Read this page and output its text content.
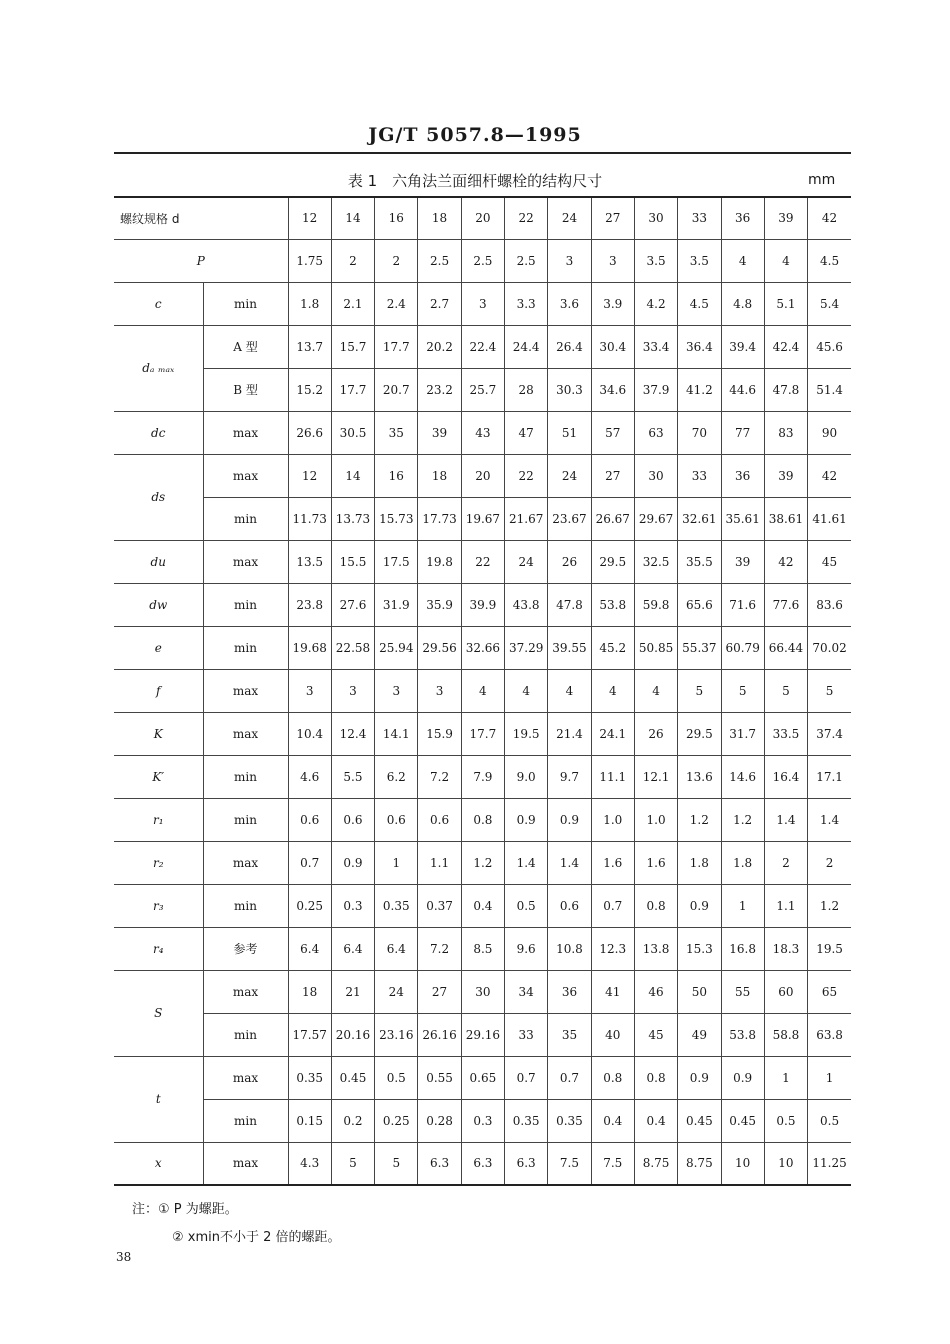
JG/T 5057.8—1995
表 1　六角法兰面细杆螺栓的结构尺寸	mm
螺纹规格 d		12	14	16	18	20	22	24	27	30	33	36	39	42
P		1.75	2	2	2.5	2.5	2.5	3	3	3.5	3.5	4	4	4.5
c	min	1.8	2.1	2.4	2.7	3	3.3	3.6	3.9	4.2	4.5	4.8	5.1	5.4
dₐ ₘₐₓ	A 型	13.7	15.7	17.7	20.2	22.4	24.4	26.4	30.4	33.4	36.4	39.4	42.4	45.6
	B 型	15.2	17.7	20.7	23.2	25.7	28	30.3	34.6	37.9	41.2	44.6	47.8	51.4
dc	max	26.6	30.5	35	39	43	47	51	57	63	70	77	83	90
ds	max	12	14	16	18	20	22	24	27	30	33	36	39	42
	min	11.73	13.73	15.73	17.73	19.67	21.67	23.67	26.67	29.67	32.61	35.61	38.61	41.61
du	max	13.5	15.5	17.5	19.8	22	24	26	29.5	32.5	35.5	39	42	45
dw	min	23.8	27.6	31.9	35.9	39.9	43.8	47.8	53.8	59.8	65.6	71.6	77.6	83.6
e	min	19.68	22.58	25.94	29.56	32.66	37.29	39.55	45.2	50.85	55.37	60.79	66.44	70.02
f	max	3	3	3	3	4	4	4	4	4	5	5	5	5
K	max	10.4	12.4	14.1	15.9	17.7	19.5	21.4	24.1	26	29.5	31.7	33.5	37.4
K′	min	4.6	5.5	6.2	7.2	7.9	9.0	9.7	11.1	12.1	13.6	14.6	16.4	17.1
r₁	min	0.6	0.6	0.6	0.6	0.8	0.9	0.9	1.0	1.0	1.2	1.2	1.4	1.4
r₂	max	0.7	0.9	1	1.1	1.2	1.4	1.4	1.6	1.6	1.8	1.8	2	2
r₃	min	0.25	0.3	0.35	0.37	0.4	0.5	0.6	0.7	0.8	0.9	1	1.1	1.2
r₄	参考	6.4	6.4	6.4	7.2	8.5	9.6	10.8	12.3	13.8	15.3	16.8	18.3	19.5
S	max	18	21	24	27	30	34	36	41	46	50	55	60	65
	min	17.57	20.16	23.16	26.16	29.16	33	35	40	45	49	53.8	58.8	63.8
t	max	0.35	0.45	0.5	0.55	0.65	0.7	0.7	0.8	0.8	0.9	0.9	1	1
	min	0.15	0.2	0.25	0.28	0.3	0.35	0.35	0.4	0.4	0.45	0.45	0.5	0.5
x	max	4.3	5	5	6.3	6.3	6.3	7.5	7.5	8.75	8.75	10	10	11.25
注：① P 为螺距。
② xmin不小于 2 倍的螺距。
38
